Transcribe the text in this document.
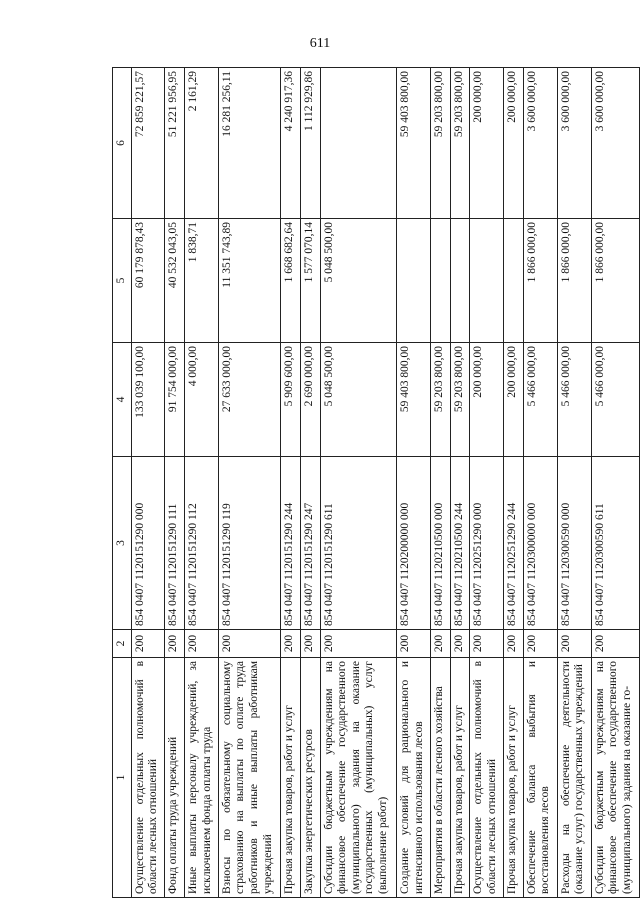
611
1	2	3	4	5	6
Осуществление отдельных полномочий в области лесных отношений	200	854 0407 1120151290 000	133 039 100,00	60 179 878,43	72 859 221,57
Фонд оплаты труда учреждений	200	854 0407 1120151290 111	91 754 000,00	40 532 043,05	51 221 956,95
Иные выплаты персоналу учреждений, за исключением фонда оплаты труда	200	854 0407 1120151290 112	4 000,00	1 838,71	2 161,29
Взносы по обязательному социальному страхованию на выплаты по оплате труда работников и иные выплаты работникам учреждений	200	854 0407 1120151290 119	27 633 000,00	11 351 743,89	16 281 256,11
Прочая закупка товаров, работ и услуг	200	854 0407 1120151290 244	5 909 600,00	1 668 682,64	4 240 917,36
Закупка энергетических ресурсов	200	854 0407 1120151290 247	2 690 000,00	1 577 070,14	1 112 929,86
Субсидии бюджетным учреждениям на финансовое обеспечение государственного (муниципального) задания на оказание государственных (муниципальных) услуг (выполнение работ)	200	854 0407 1120151290 611	5 048 500,00	5 048 500,00	
Создание условий для рационального и интенсивного использования лесов	200	854 0407 1120200000 000	59 403 800,00		59 403 800,00
Мероприятия в области лесного хозяйства	200	854 0407 1120210500 000	59 203 800,00		59 203 800,00
Прочая закупка товаров, работ и услуг	200	854 0407 1120210500 244	59 203 800,00		59 203 800,00
Осуществление отдельных полномочий в области лесных отношений	200	854 0407 1120251290 000	200 000,00		200 000,00
Прочая закупка товаров, работ и услуг	200	854 0407 1120251290 244	200 000,00		200 000,00
Обеспечение баланса выбытия и восстановления лесов	200	854 0407 1120300000 000	5 466 000,00	1 866 000,00	3 600 000,00
Расходы на обеспечение деятельности (оказание услуг) государственных учреждений	200	854 0407 1120300590 000	5 466 000,00	1 866 000,00	3 600 000,00
Субсидии бюджетным учреждениям на финансовое обеспечение государственного (муниципального) задания на оказание го-	200	854 0407 1120300590 611	5 466 000,00	1 866 000,00	3 600 000,00
